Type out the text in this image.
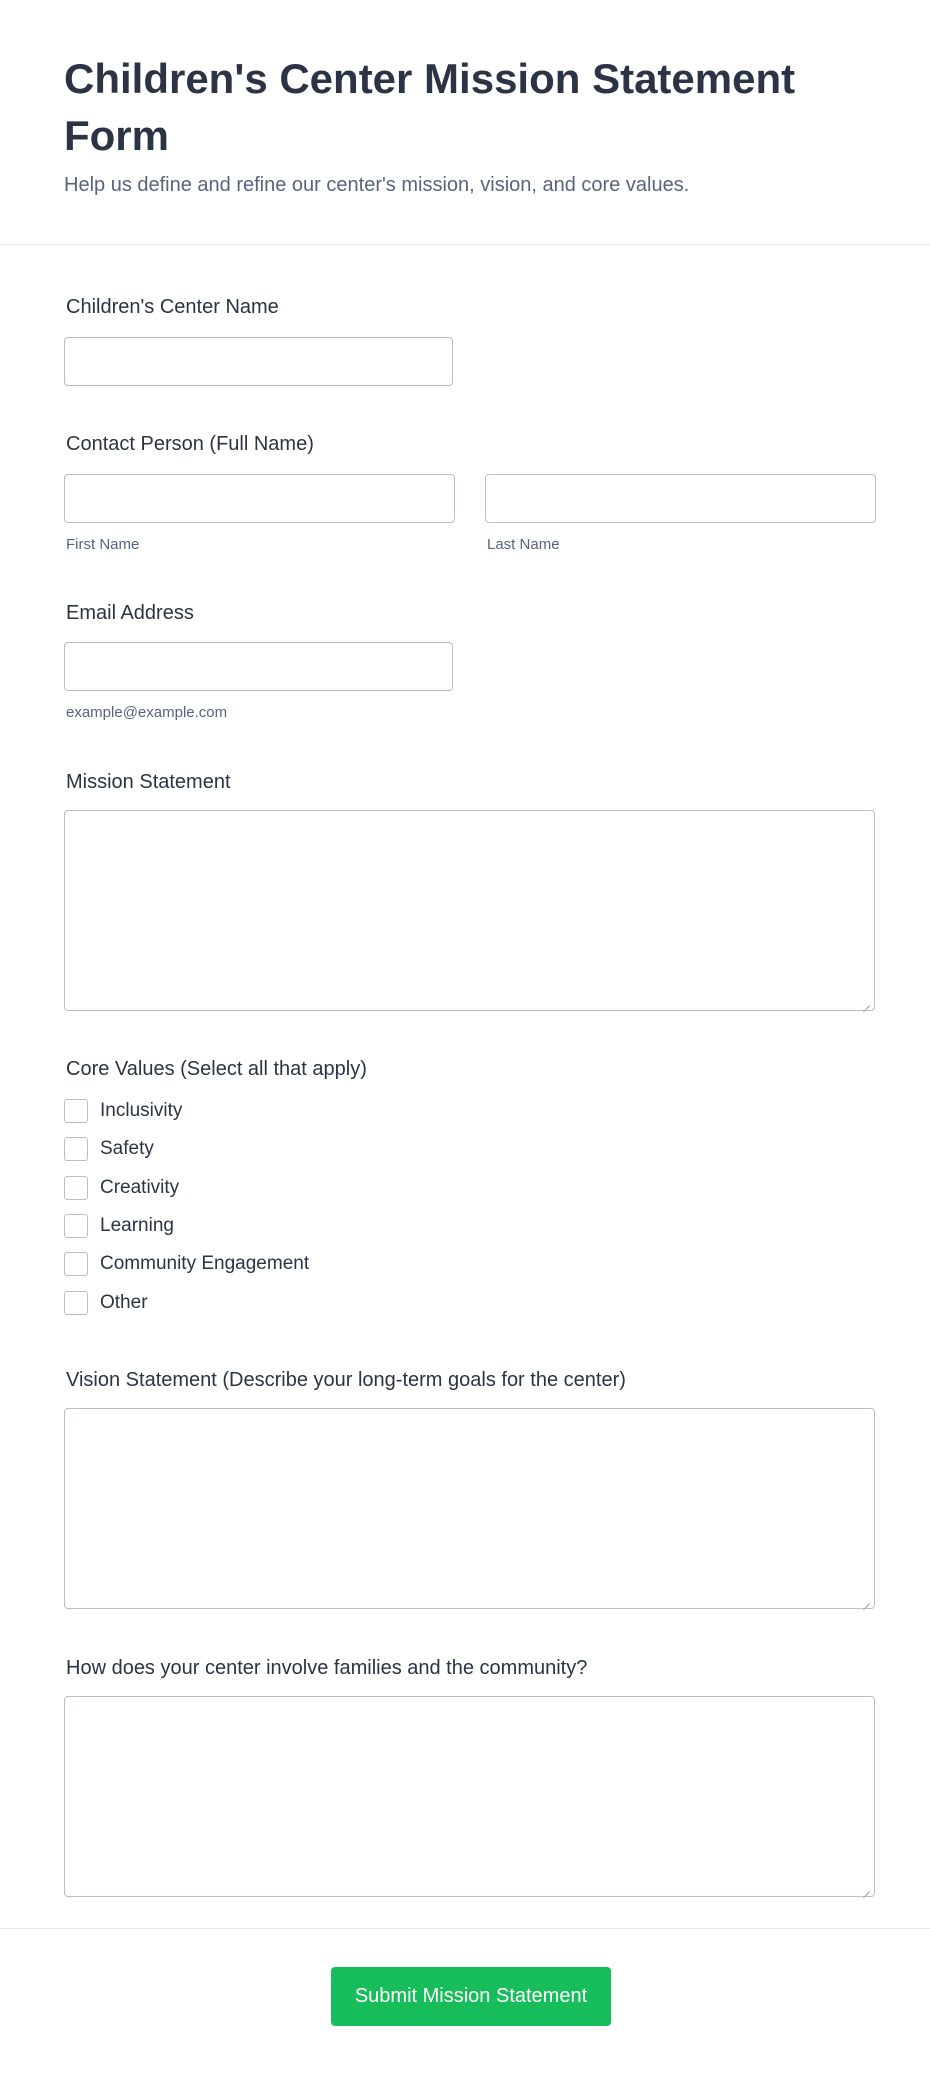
Children's Center Mission Statement Form

Help us define and refine our center's mission, vision, and core values.

Children's Center Name
Contact Person (Full Name)
First Name	Last Name
Email Address
example@example.com
Mission Statement
Core Values (Select all that apply)
Inclusivity
Safety
Creativity
Learning
Community Engagement
Other
Vision Statement (Describe your long-term goals for the center)
How does your center involve families and the community?
Submit Mission Statement
